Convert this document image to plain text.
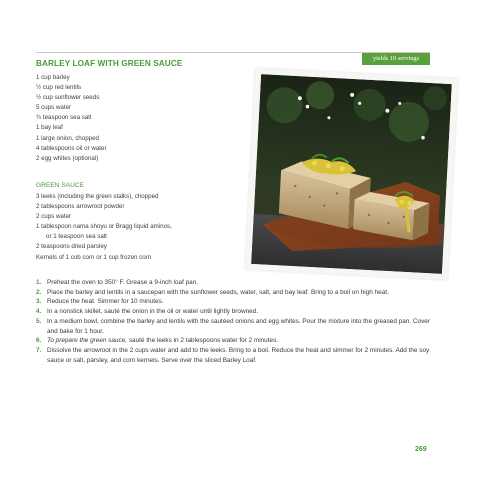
BARLEY LOAF WITH GREEN SAUCE
yields 10 servings
1 cup barley
½ cup red lentils
½ cup sunflower seeds
5 cups water
¾ teaspoon sea salt
1 bay leaf
1 large onion, chopped
4 tablespoons oil or water
2 egg whites (optional)
GREEN SAUCE
3 leeks (including the green stalks), chopped
2 tablespoons arrowroot powder
2 cups water
1 tablespoon nama shoyu or Bragg liquid aminos,
or 1 teaspoon sea salt
2 teaspoons dried parsley
Kernels of 1 cob corn or 1 cup frozen corn
1. Preheat the oven to 350° F. Grease a 9-inch loaf pan.
2. Place the barley and lentils in a saucepan with the sunflower seeds, water, salt, and bay leaf. Bring to a boil on high heat.
3. Reduce the heat. Simmer for 10 minutes.
4. In a nonstick skillet, sauté the onion in the oil or water until lightly browned.
5. In a medium bowl, combine the barley and lentils with the sautéed onions and egg whites. Pour the mixture into the greased pan. Cover and bake for 1 hour.
6. To prepare the green sauce, sauté the leeks in 2 tablespoons water for 2 minutes.
7. Dissolve the arrowroot in the 2 cups water and add to the leeks. Bring to a boil. Reduce the heat and simmer for 2 minutes. Add the soy sauce or salt, parsley, and corn kernels. Serve over the sliced Barley Loaf.
269
